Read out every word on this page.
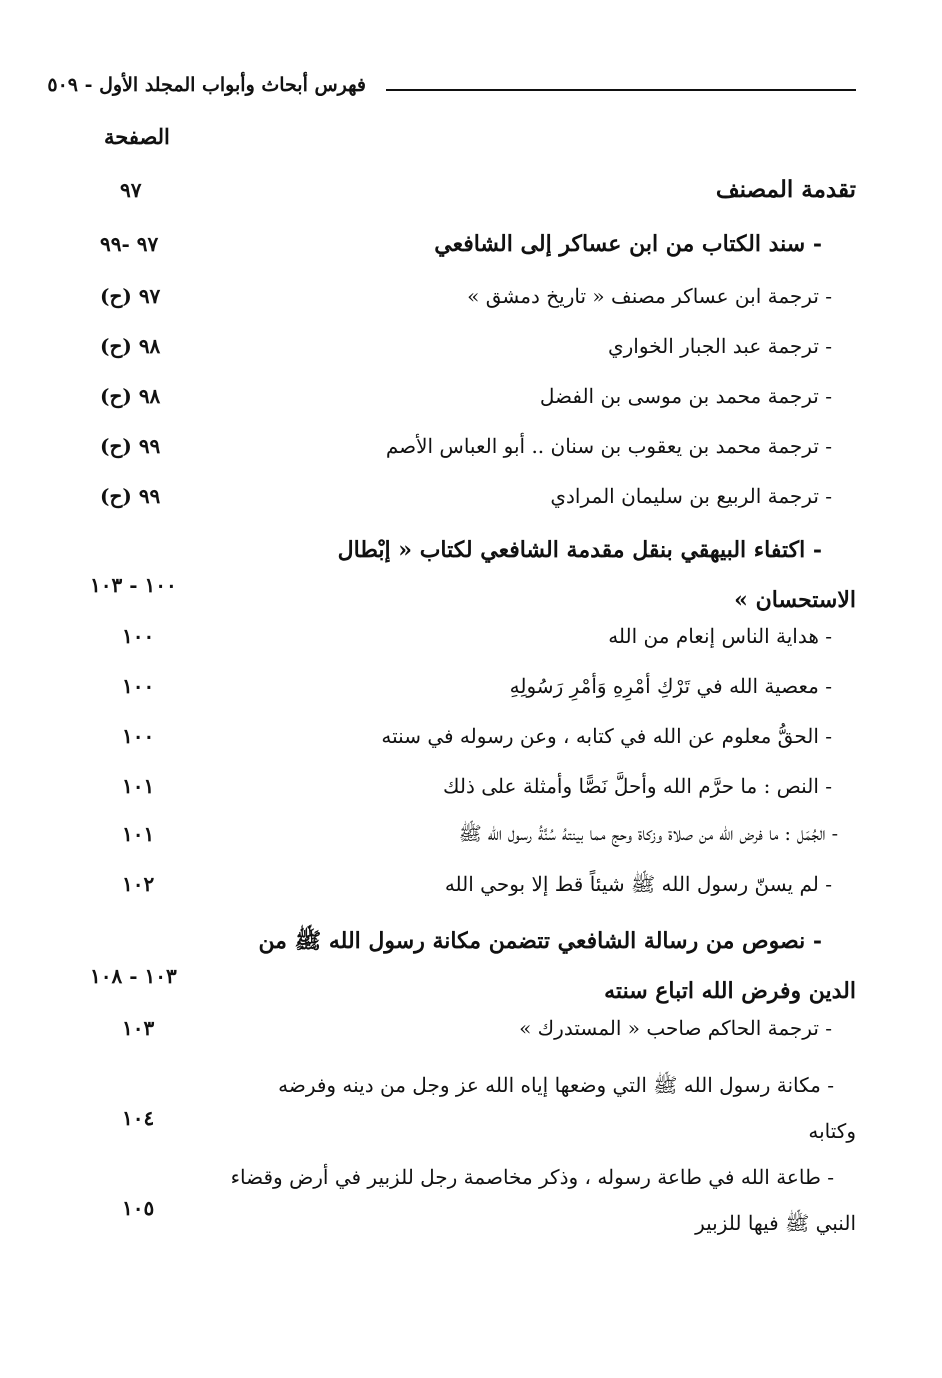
فهرس أبحاث وأبواب المجلد الأول - ٥٠٩
الصفحة
تقدمة المصنف
٩٧
- سند الكتاب من ابن عساكر إلى الشافعي
٩٧ -٩٩
- ترجمة ابن عساكر مصنف « تاريخ دمشق »
٩٧ (ح)
- ترجمة عبد الجبار الخواري
٩٨ (ح)
- ترجمة محمد بن موسى بن الفضل
٩٨ (ح)
- ترجمة محمد بن يعقوب بن سنان .. أبو العباس الأصم
٩٩ (ح)
- ترجمة الربيع بن سليمان المرادي
٩٩ (ح)
- اكتفاء البيهقي بنقل مقدمة الشافعي لكتاب « إبْطال
الاستحسان »
١٠٠ - ١٠٣
- هداية الناس إنعام من الله
١٠٠
- معصية الله في تَرْكِ أمْرِهِ وَأمْرِ رَسُولِهِ
١٠٠
- الحقُّ معلوم عن الله في كتابه ، وعن رسوله في سنته
١٠٠
- النص : ما حرَّم الله وأحلَّ نَصًّا وأمثلة على ذلك
١٠١
- الجُمَل : ما فرض الله من صلاة وزكاة وحج مما بينتهُ سُنَّةُ رسول الله ﷺ
١٠١
- لم يسنّ رسول الله ﷺ شيئاً قط إلا بوحي الله
١٠٢
- نصوص من رسالة الشافعي تتضمن مكانة رسول الله ﷺ من
الدين وفرض الله اتباع سنته
١٠٣ - ١٠٨
- ترجمة الحاكم صاحب « المستدرك »
١٠٣
- مكانة رسول الله ﷺ التي وضعها إياه الله عز وجل من دينه وفرضه
وكتابه
١٠٤
- طاعة الله في طاعة رسوله ، وذكر مخاصمة رجل للزبير في أرض وقضاء
النبي ﷺ فيها للزبير
١٠٥
